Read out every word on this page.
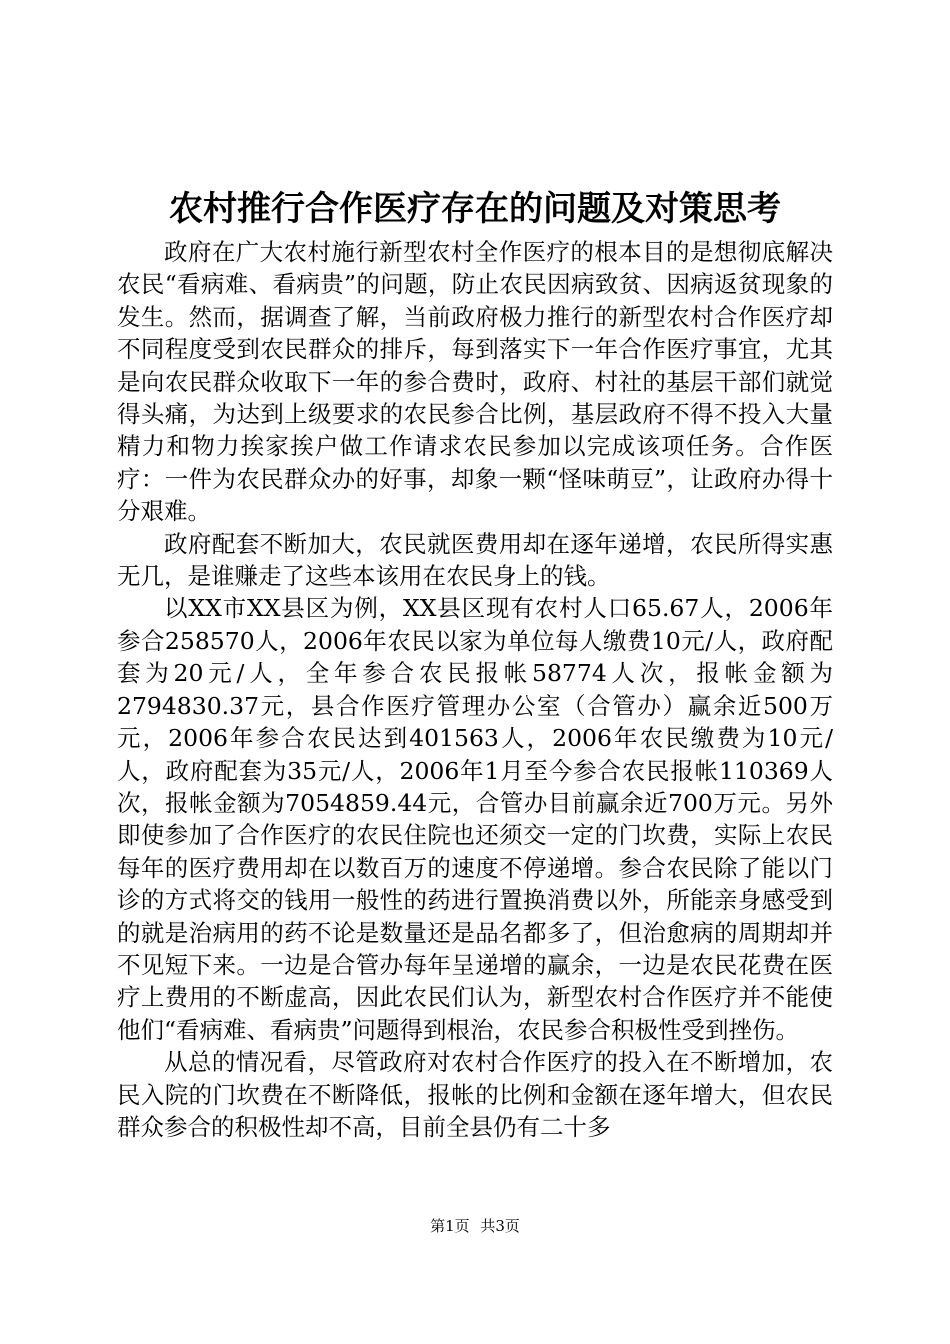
农村推行合作医疗存在的问题及对策思考

政府在广大农村施行新型农村全作医疗的根本目的是想彻底解决农民“看病难、看病贵”的问题，防止农民因病致贫、因病返贫现象的发生。然而，据调查了解，当前政府极力推行的新型农村合作医疗却不同程度受到农民群众的排斥，每到落实下一年合作医疗事宜，尤其是向农民群众收取下一年的参合费时，政府、村社的基层干部们就觉得头痛，为达到上级要求的农民参合比例，基层政府不得不投入大量精力和物力挨家挨户做工作请求农民参加以完成该项任务。合作医疗：一件为农民群众办的好事，却象一颗“怪味萌豆”，让政府办得十分艰难。

政府配套不断加大，农民就医费用却在逐年递增，农民所得实惠无几，是谁赚走了这些本该用在农民身上的钱。

以XX市XX县区为例，XX县区现有农村人口65.67人，2006年参合258570人，2006年农民以家为单位每人缴费10元/人，政府配套为20元/人，全年参合农民报帐58774人次，报帐金额为2794830.37元，县合作医疗管理办公室（合管办）赢余近500万元，2006年参合农民达到401563人，2006年农民缴费为10元/人，政府配套为35元/人，2006年1月至今参合农民报帐110369人次，报帐金额为7054859.44元，合管办目前赢余近700万元。另外即使参加了合作医疗的农民住院也还须交一定的门坎费，实际上农民每年的医疗费用却在以数百万的速度不停递增。参合农民除了能以门诊的方式将交的钱用一般性的药进行置换消费以外，所能亲身感受到的就是治病用的药不论是数量还是品名都多了，但治愈病的周期却并不见短下来。一边是合管办每年呈递增的赢余，一边是农民花费在医疗上费用的不断虚高，因此农民们认为，新型农村合作医疗并不能使他们“看病难、看病贵”问题得到根治，农民参合积极性受到挫伤。

从总的情况看，尽管政府对农村合作医疗的投入在不断增加，农民入院的门坎费在不断降低，报帐的比例和金额在逐年增大，但农民群众参合的积极性却不高，目前全县仍有二十多

第1页 共3页
